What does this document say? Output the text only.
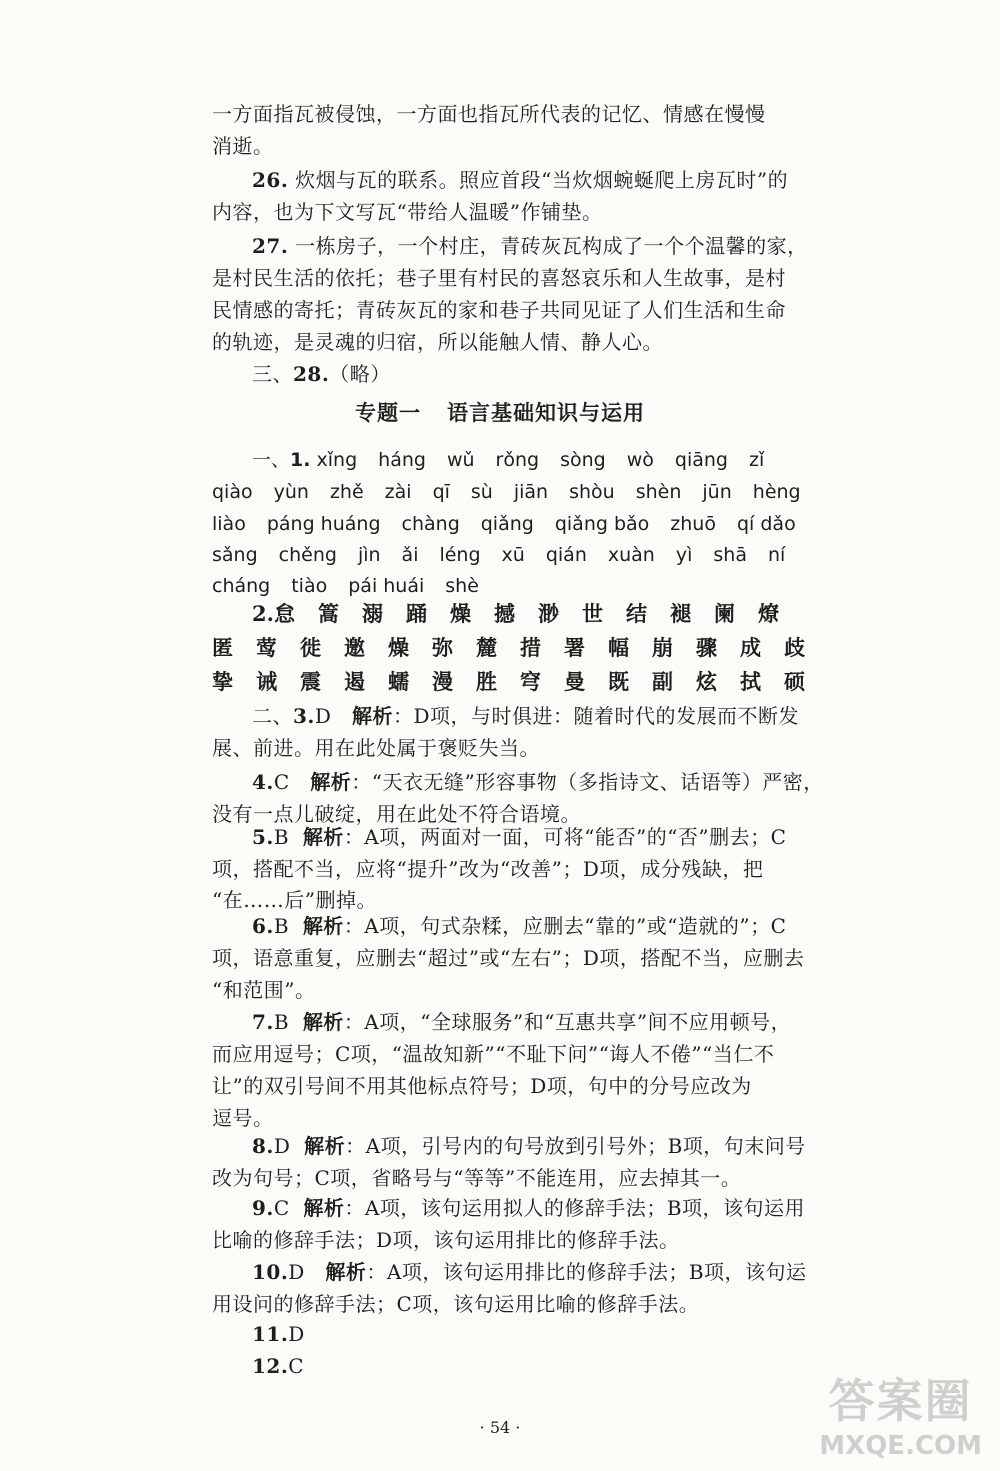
一方面指瓦被侵蚀，一方面也指瓦所代表的记忆、情感在慢慢

消逝。

26. 炊烟与瓦的联系。照应首段“当炊烟蜿蜒爬上房瓦时”的

内容，也为下文写瓦“带给人温暖”作铺垫。

27. 一栋房子，一个村庄，青砖灰瓦构成了一个个温馨的家，

是村民生活的依托；巷子里有村民的喜怒哀乐和人生故事，是村

民情感的寄托；青砖灰瓦的家和巷子共同见证了人们生活和生命

的轨迹，是灵魂的归宿，所以能触人情、静人心。

三、28.（略）

专题一 语言基础知识与运用
一、1. xǐng háng wǔ rǒng sòng wò qiāng zǐ
qiào yùn zhě zài qī sù jiān shòu shèn jūn hèng
liào páng huáng chàng qiǎng qiǎng bǎo zhuō qí dǎo
sǎng chěng jìn ǎi léng xū qián xuàn yì shā ní
cháng tiào pái huái shè
2.怠 篙 溺 踊 燥 撼 渺 世 结 褪 阑 燎
匿 莺 徙 邀 燥 弥 麓 措 署 幅 崩 骤 成 歧
挚 诫 震 遏 蠕 漫 胜 穹 曼 既 副 炫 拭 硕

二、3.D 解析：D项，与时俱进：随着时代的发展而不断发

展、前进。用在此处属于褒贬失当。

4.C 解析：“天衣无缝”形容事物（多指诗文、话语等）严密，

没有一点儿破绽，用在此处不符合语境。

5.B 解析：A项，两面对一面，可将“能否”的“否”删去；C

项，搭配不当，应将“提升”改为“改善”；D项，成分残缺，把

“在……后”删掉。

6.B 解析：A项，句式杂糅，应删去“靠的”或“造就的”；C

项，语意重复，应删去“超过”或“左右”；D项，搭配不当，应删去

“和范围”。

7.B 解析：A项，“全球服务”和“互惠共享”间不应用顿号，

而应用逗号；C项，“温故知新”“不耻下问”“诲人不倦”“当仁不

让”的双引号间不用其他标点符号；D项，句中的分号应改为

逗号。

8.D 解析：A项，引号内的句号放到引号外；B项，句末问号

改为句号；C项，省略号与“等等”不能连用，应去掉其一。

9.C 解析：A项，该句运用拟人的修辞手法；B项，该句运用

比喻的修辞手法；D项，该句运用排比的修辞手法。

10.D 解析：A项，该句运用排比的修辞手法；B项，该句运

用设问的修辞手法；C项，该句运用比喻的修辞手法。

11.D

12.C

· 54 ·	答案圈
MXQE.COM
